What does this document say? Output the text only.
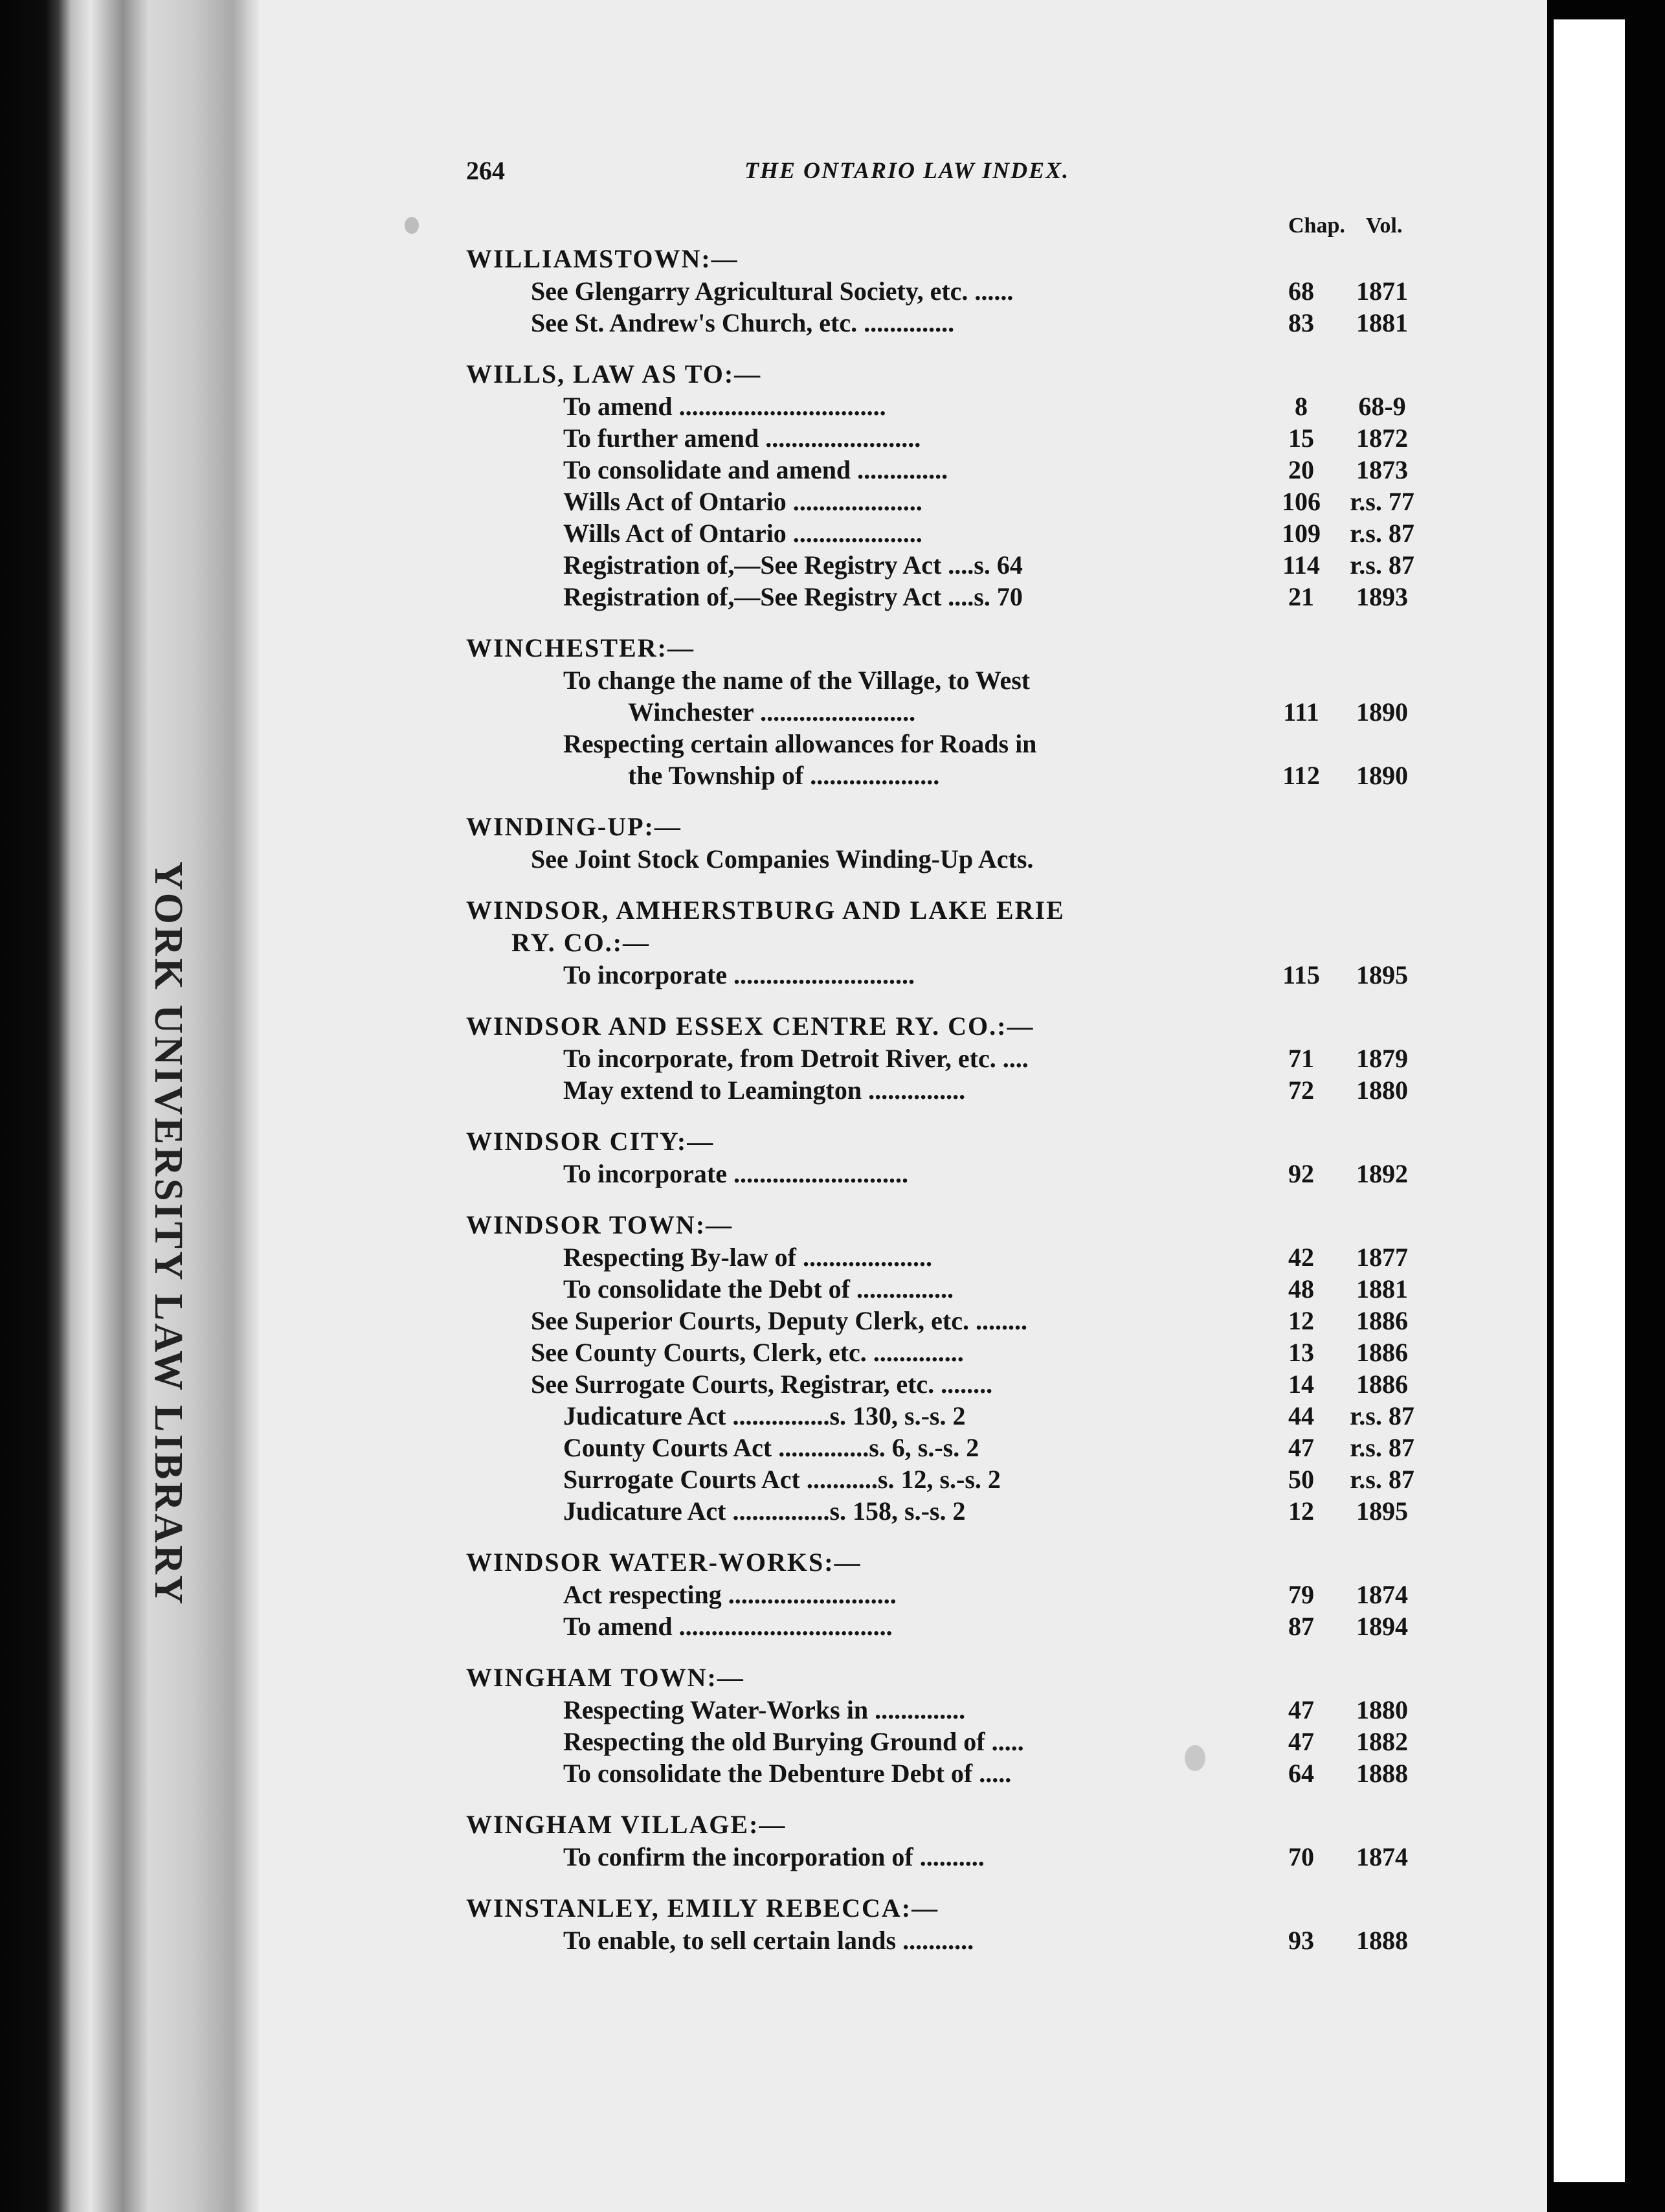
YORK UNIVERSITY LAW LIBRARY
264	THE ONTARIO LAW INDEX.
Chap. Vol.
WILLIAMSTOWN:—
See Glengarry Agricultural Society, etc. ......	68	1871
See St. Andrew's Church, etc. ..............	83	1881
WILLS, LAW AS TO:—
To amend ................................	8	68-9
To further amend ........................	15	1872
To consolidate and amend ..............	20	1873
Wills Act of Ontario ....................	106	r.s. 77
Wills Act of Ontario ....................	109	r.s. 87
Registration of,—See Registry Act ....s. 64	114	r.s. 87
Registration of,—See Registry Act ....s. 70	21	1893
WINCHESTER:—
To change the name of the Village, to West
Winchester ........................	111	1890
Respecting certain allowances for Roads in
the Township of ....................	112	1890
WINDING-UP:—
See Joint Stock Companies Winding-Up Acts.
WINDSOR, AMHERSTBURG AND LAKE ERIE
RY. CO.:—
To incorporate ............................	115	1895
WINDSOR AND ESSEX CENTRE RY. CO.:—
To incorporate, from Detroit River, etc. ....	71	1879
May extend to Leamington ...............	72	1880
WINDSOR CITY:—
To incorporate ...........................	92	1892
WINDSOR TOWN:—
Respecting By-law of ....................	42	1877
To consolidate the Debt of ...............	48	1881
See Superior Courts, Deputy Clerk, etc. ........	12	1886
See County Courts, Clerk, etc. ..............	13	1886
See Surrogate Courts, Registrar, etc. ........	14	1886
Judicature Act ...............s. 130, s.-s. 2	44	r.s. 87
County Courts Act ..............s. 6, s.-s. 2	47	r.s. 87
Surrogate Courts Act ...........s. 12, s.-s. 2	50	r.s. 87
Judicature Act ...............s. 158, s.-s. 2	12	1895
WINDSOR WATER-WORKS:—
Act respecting ..........................	79	1874
To amend .................................	87	1894
WINGHAM TOWN:—
Respecting Water-Works in ..............	47	1880
Respecting the old Burying Ground of .....	47	1882
To consolidate the Debenture Debt of .....	64	1888
WINGHAM VILLAGE:—
To confirm the incorporation of ..........	70	1874
WINSTANLEY, EMILY REBECCA:—
To enable, to sell certain lands ...........	93	1888
